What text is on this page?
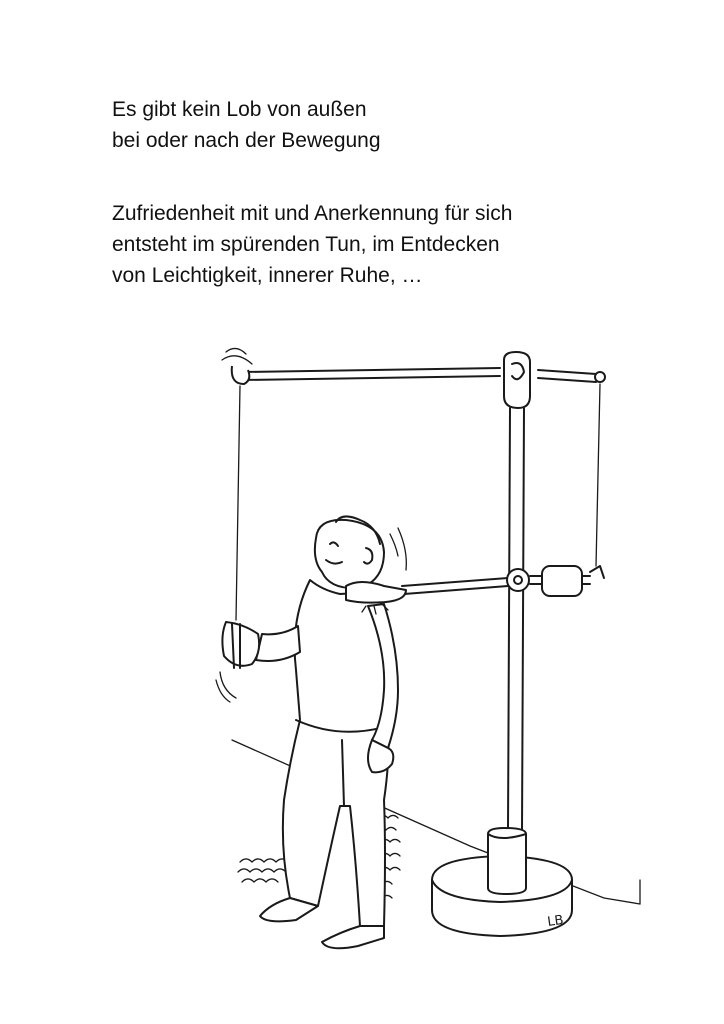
Es gibt kein Lob von außen
bei oder nach der Bewegung

Zufriedenheit mit und Anerkennung für sich
entsteht im spürenden Tun, im Entdecken
von Leichtigkeit, innerer Ruhe, …

LB
